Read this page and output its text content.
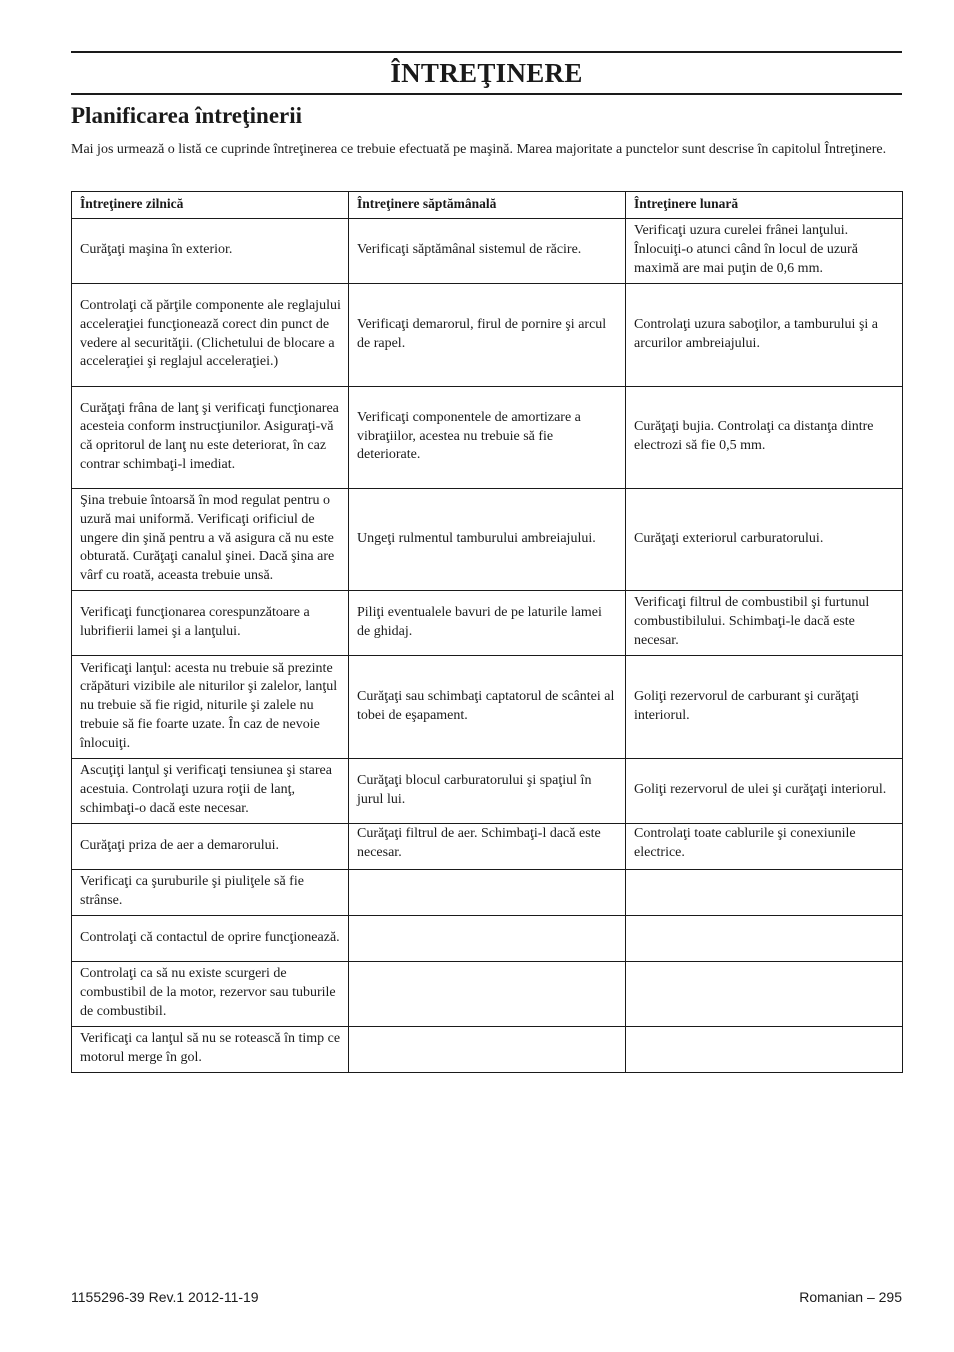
ÎNTREŢINERE
Planificarea întreţinerii

Mai jos urmează o listă ce cuprinde întreţinerea ce trebuie efectuată pe maşină. Marea majoritate a punctelor sunt descrise în capitolul Întreţinere.

Întreţinere zilnică	Întreţinere săptămânală	Întreţinere lunară
Curăţaţi maşina în exterior.	Verificaţi săptămânal sistemul de răcire.	Verificaţi uzura curelei frânei lanţului. Înlocuiţi-o atunci când în locul de uzură maximă are mai puţin de 0,6 mm.
Controlaţi că părţile componente ale reglajului acceleraţiei funcţionează corect din punct de vedere al securităţii. (Clichetului de blocare a acceleraţiei şi reglajul acceleraţiei.)	Verificaţi demarorul, firul de pornire şi arcul de rapel.	Controlaţi uzura saboţilor, a tamburului şi a arcurilor ambreiajului.
Curăţaţi frâna de lanţ şi verificaţi funcţionarea acesteia conform instrucţiunilor. Asiguraţi-vă că opritorul de lanţ nu este deteriorat, în caz contrar schimbaţi-l imediat.	Verificaţi componentele de amortizare a vibraţiilor, acestea nu trebuie să fie deteriorate.	Curăţaţi bujia. Controlaţi ca distanţa dintre electrozi să fie 0,5 mm.
Şina trebuie întoarsă în mod regulat pentru o uzură mai uniformă. Verificaţi orificiul de ungere din şină pentru a vă asigura că nu este obturată. Curăţaţi canalul şinei. Dacă şina are vârf cu roată, aceasta trebuie unsă.	Ungeţi rulmentul tamburului ambreiajului.	Curăţaţi exteriorul carburatorului.
Verificaţi funcţionarea corespunzătoare a lubrifierii lamei şi a lanţului.	Piliţi eventualele bavuri de pe laturile lamei de ghidaj.	Verificaţi filtrul de combustibil şi furtunul combustibilului. Schimbaţi-le dacă este necesar.
Verificaţi lanţul: acesta nu trebuie să prezinte crăpături vizibile ale niturilor şi zalelor, lanţul nu trebuie să fie rigid, niturile şi zalele nu trebuie să fie foarte uzate. În caz de nevoie înlocuiţi.	Curăţaţi sau schimbaţi captatorul de scântei al tobei de eşapament.	Goliţi rezervorul de carburant şi curăţaţi interiorul.
Ascuţiţi lanţul şi verificaţi tensiunea şi starea acestuia. Controlaţi uzura roţii de lanţ, schimbaţi-o dacă este necesar.	Curăţaţi blocul carburatorului şi spaţiul în jurul lui.	Goliţi rezervorul de ulei şi curăţaţi interiorul.
Curăţaţi priza de aer a demarorului.	Curăţaţi filtrul de aer. Schimbaţi-l dacă este necesar.	Controlaţi toate cablurile şi conexiunile electrice.
Verificaţi ca şuruburile şi piuliţele să fie strânse.		
Controlaţi că contactul de oprire funcţionează.		
Controlaţi ca să nu existe scurgeri de combustibil de la motor, rezervor sau tuburile de combustibil.		
Verificaţi ca lanţul să nu se rotească în timp ce motorul merge în gol.		
1155296-39 Rev.1 2012-11-19	Romanian – 295
